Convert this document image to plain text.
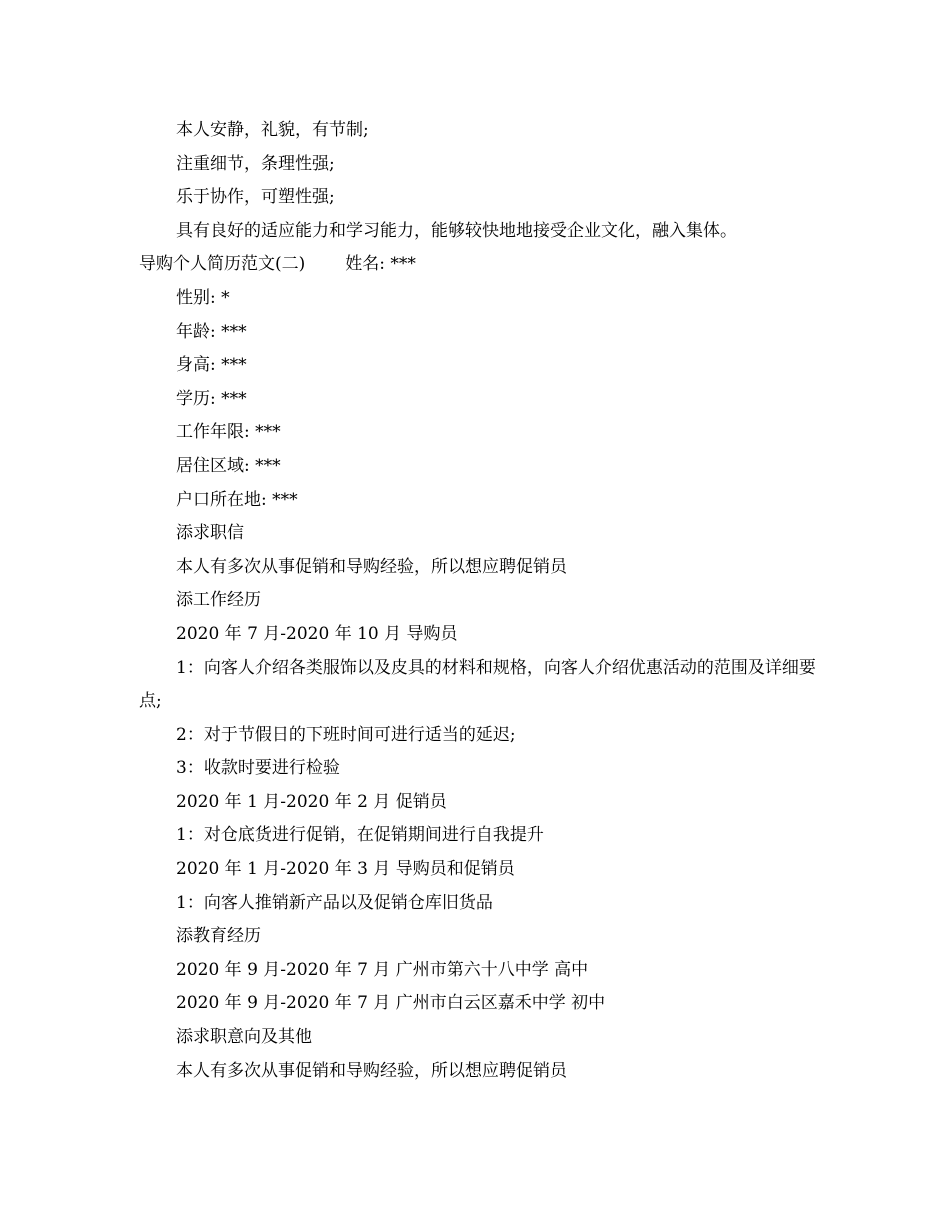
本人安静，礼貌，有节制;

注重细节，条理性强;

乐于协作，可塑性强;

具有良好的适应能力和学习能力，能够较快地地接受企业文化，融入集体。

导购个人简历范文(二) 姓名: ***

性别: *

年龄: ***

身高: ***

学历: ***

工作年限: ***

居住区域: ***

户口所在地: ***

添求职信

本人有多次从事促销和导购经验，所以想应聘促销员

添工作经历

2020 年 7 月-2020 年 10 月 导购员

1：向客人介绍各类服饰以及皮具的材料和规格，向客人介绍优惠活动的范围及详细要点;

2：对于节假日的下班时间可进行适当的延迟;

3：收款时要进行检验

2020 年 1 月-2020 年 2 月 促销员

1：对仓底货进行促销，在促销期间进行自我提升

2020 年 1 月-2020 年 3 月 导购员和促销员

1：向客人推销新产品以及促销仓库旧货品

添教育经历

2020 年 9 月-2020 年 7 月 广州市第六十八中学 高中

2020 年 9 月-2020 年 7 月 广州市白云区嘉禾中学 初中

添求职意向及其他

本人有多次从事促销和导购经验，所以想应聘促销员
